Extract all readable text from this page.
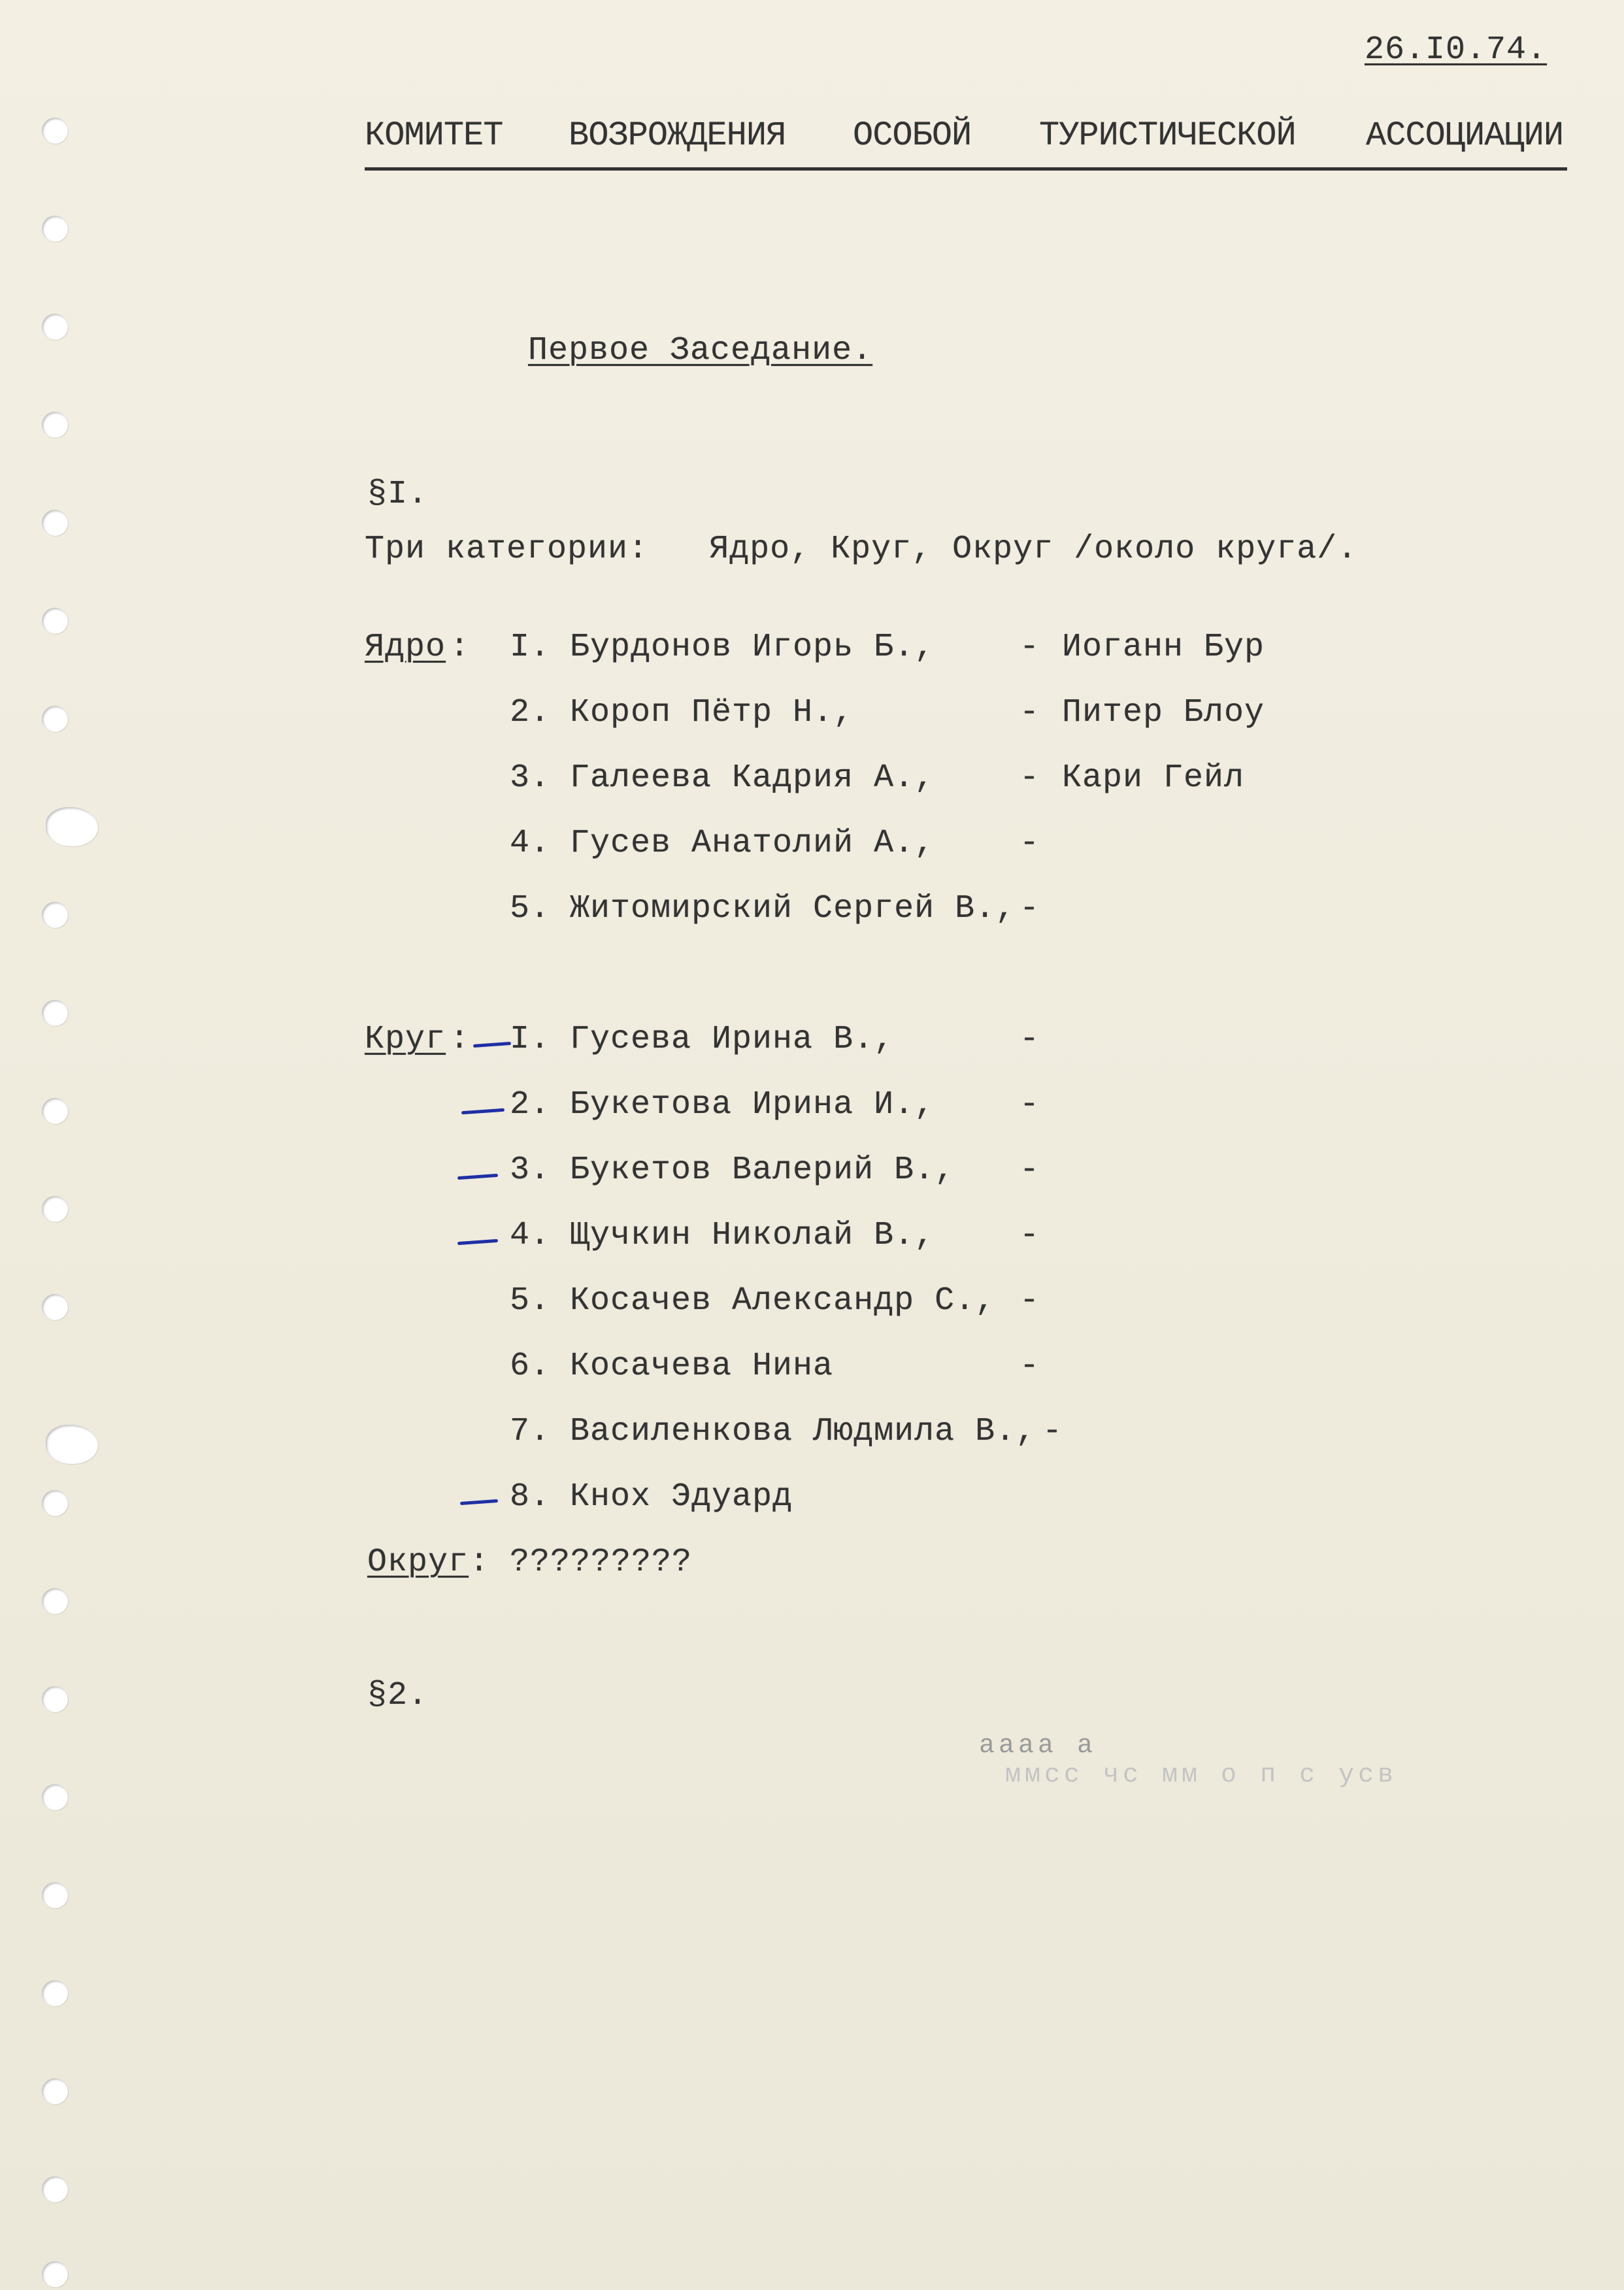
26.I0.74.
КОМИТЕТ ВОЗРОЖДЕНИЯ ОСОБОЙ ТУРИСТИЧЕСКОЙ АССОЦИАЦИИ
Первое Заседание.
§I.
Три категории:   Ядро, Круг, Округ /около круга/.
Ядро : I. Бурдонов Игорь Б.,	- Иоганн Бур
2. Короп Пётр Н.,	- Питер Блоу
3. Галеева Кадрия А.,	- Кари Гейл
4. Гусев Анатолий А.,	-
5. Житомирский Сергей В., -
Круг : I. Гусева Ирина В.,	-
2. Букетова Ирина И.,	-
3. Букетов Валерий В., -
4. Щучкин Николай В.,	-
5. Косачев Александр С., -
6. Косачева Нина	-
7. Василенкова Людмила В., -
8. Кнох Эдуард
Округ : ?????????
§2.

аааа а
ммсс чс мм о п с усв
